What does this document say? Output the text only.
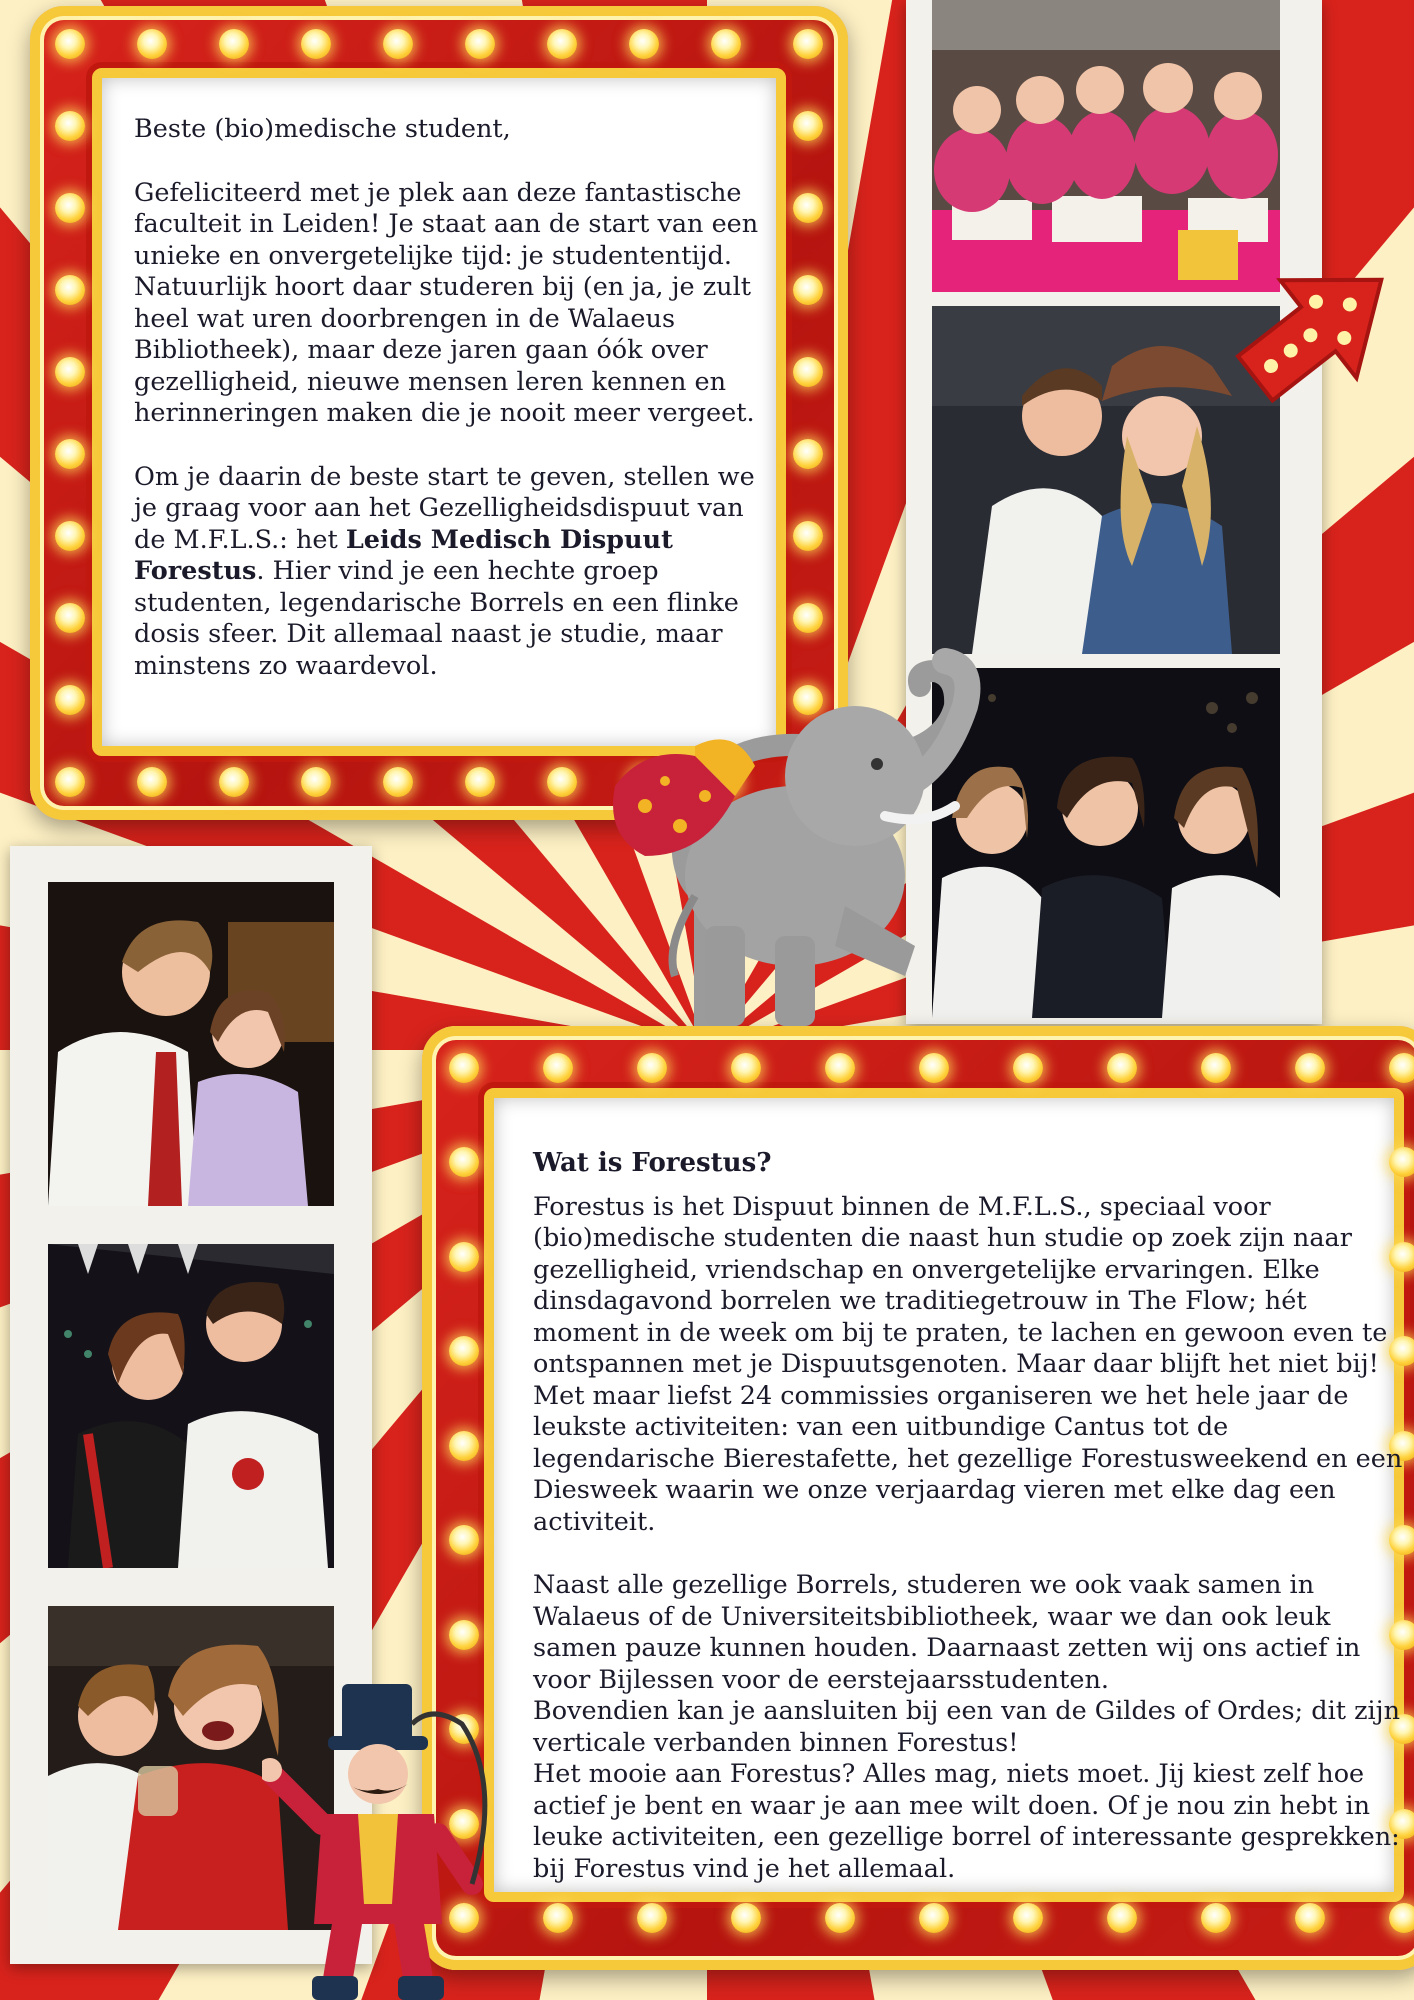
Beste (bio)medische student,

Gefeliciteerd met je plek aan deze fantastische faculteit in Leiden! Je staat aan de start van een unieke en onvergetelijke tijd: je studententijd. Natuurlijk hoort daar studeren bij (en ja, je zult heel wat uren doorbrengen in de Walaeus Bibliotheek), maar deze jaren gaan óók over gezelligheid, nieuwe mensen leren kennen en herinneringen maken die je nooit meer vergeet.

Om je daarin de beste start te geven, stellen we je graag voor aan het Gezelligheidsdispuut van de M.F.L.S.: het Leids Medisch Dispuut Forestus. Hier vind je een hechte groep studenten, legendarische Borrels en een flinke dosis sfeer. Dit allemaal naast je studie, maar minstens zo waardevol.

Wat is Forestus?

Forestus is het Dispuut binnen de M.F.L.S., speciaal voor (bio)medische studenten die naast hun studie op zoek zijn naar gezelligheid, vriendschap en onvergetelijke ervaringen. Elke dinsdagavond borrelen we traditiegetrouw in The Flow; hét moment in de week om bij te praten, te lachen en gewoon even te ontspannen met je Dispuutsgenoten. Maar daar blijft het niet bij! Met maar liefst 24 commissies organiseren we het hele jaar de leukste activiteiten: van een uitbundige Cantus tot de legendarische Bierestafette, het gezellige Forestusweekend en een Diesweek waarin we onze verjaardag vieren met elke dag een activiteit.

Naast alle gezellige Borrels, studeren we ook vaak samen in Walaeus of de Universiteitsbibliotheek, waar we dan ook leuk samen pauze kunnen houden. Daarnaast zetten wij ons actief in voor Bijlessen voor de eerstejaarsstudenten.
Bovendien kan je aansluiten bij een van de Gildes of Ordes; dit zijn verticale verbanden binnen Forestus!
Het mooie aan Forestus? Alles mag, niets moet. Jij kiest zelf hoe actief je bent en waar je aan mee wilt doen. Of je nou zin hebt in leuke activiteiten, een gezellige borrel of interessante gesprekken: bij Forestus vind je het allemaal.
